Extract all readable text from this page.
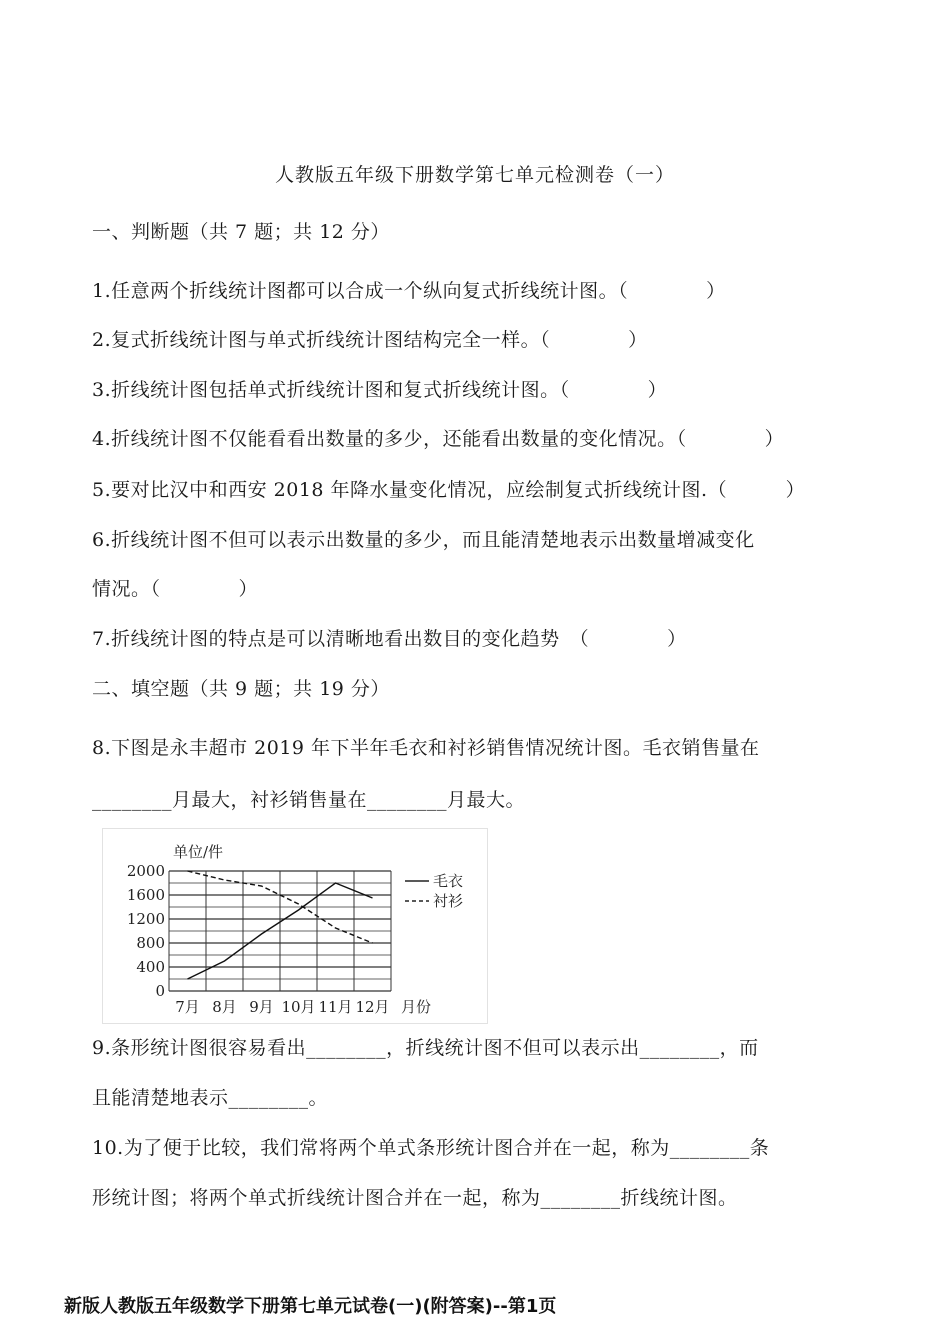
人教版五年级下册数学第七单元检测卷（一）
一、判断题（共 7 题；共 12 分）
1.任意两个折线统计图都可以合成一个纵向复式折线统计图。（　　　　）
2.复式折线统计图与单式折线统计图结构完全一样。（　　　　）
3.折线统计图包括单式折线统计图和复式折线统计图。（　　　　）
4.折线统计图不仅能看看出数量的多少，还能看出数量的变化情况。（　　　　）
5.要对比汉中和西安 2018 年降水量变化情况，应绘制复式折线统计图.（　　　）
6.折线统计图不但可以表示出数量的多少，而且能清楚地表示出数量增减变化
情况。（　　　　）
7.折线统计图的特点是可以清晰地看出数目的变化趋势　（　　　　）
二、填空题（共 9 题；共 19 分）
8.下图是永丰超市 2019 年下半年毛衣和衬衫销售情况统计图。毛衣销售量在
________月最大，衬衫销售量在________月最大。
0
400
800
1200
1600
2000
7月 8月 9月 10月 11月 12月
单位/件
月份
毛衣
衬衫
9.条形统计图很容易看出________，折线统计图不但可以表示出________，而
且能清楚地表示________。
10.为了便于比较，我们常将两个单式条形统计图合并在一起，称为________条
形统计图；将两个单式折线统计图合并在一起，称为________折线统计图。
新版人教版五年级数学下册第七单元试卷(一)(附答案)--第1页
